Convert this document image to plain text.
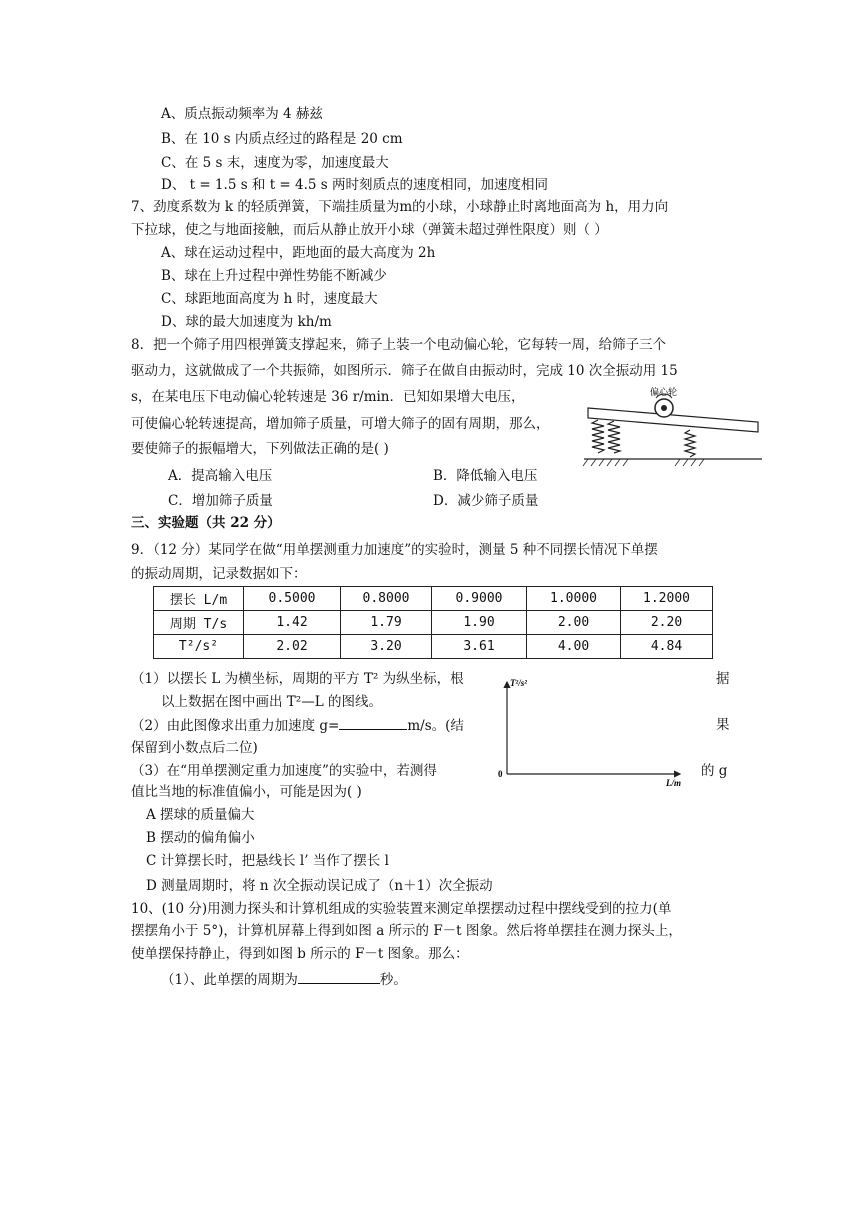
A、质点振动频率为 4 赫兹
B、在 10 s 内质点经过的路程是 20 cm
C、在 5 s 末，速度为零，加速度最大
D、 t = 1.5 s 和 t = 4.5 s 两时刻质点的速度相同，加速度相同
7、劲度系数为 k 的轻质弹簧，下端挂质量为m的小球，小球静止时离地面高为 h，用力向
下拉球，使之与地面接触，而后从静止放开小球（弹簧未超过弹性限度）则（ ）
A、球在运动过程中，距地面的最大高度为 2h
B、球在上升过程中弹性势能不断减少
C、球距地面高度为 h 时，速度最大
D、球的最大加速度为 kh/m
8．把一个筛子用四根弹簧支撑起来，筛子上装一个电动偏心轮，它每转一周，给筛子三个
驱动力，这就做成了一个共振筛，如图所示．筛子在做自由振动时，完成 10 次全振动用 15
s，在某电压下电动偏心轮转速是 36 r/min．已知如果增大电压，
可使偏心轮转速提高，增加筛子质量，可增大筛子的固有周期，那么，
要使筛子的振幅增大，下列做法正确的是( )
A．提高输入电压	B．降低输入电压
C．增加筛子质量	D．减少筛子质量
偏心轮
三、实验题（共 22 分）
9．（12 分）某同学在做“用单摆测重力加速度”的实验时，测量 5 种不同摆长情况下单摆
的振动周期，记录数据如下：
摆长 L/m	0.5000	0.8000	0.9000	1.0000	1.2000
周期 T/s	1.42	1.79	1.90	2.00	2.20
T²/s²	2.02	3.20	3.61	4.00	4.84
（1）以摆长 L 为横坐标，周期的平方 T² 为纵坐标，根	据
以上数据在图中画出 T²—L 的图线。
（2）由此图像求出重力加速度 g=	m/s。(结	果
保留到小数点后二位)
（3）在“用单摆测定重力加速度”的实验中，若测得	的 g
值比当地的标准值偏小，可能是因为( )
A 摆球的质量偏大
B 摆动的偏角偏小
C 计算摆长时，把悬线长 l’ 当作了摆长 l
D 测量周期时，将 n 次全振动误记成了（n＋1）次全振动
T²/s²
L/m
0
10、(10 分)用测力探头和计算机组成的实验装置来测定单摆摆动过程中摆线受到的拉力(单
摆摆角小于 5°)，计算机屏幕上得到如图 a 所示的 F－t 图象。然后将单摆挂在测力探头上，
使单摆保持静止，得到如图 b 所示的 F－t 图象。那么：
（1）、此单摆的周期为	秒。
